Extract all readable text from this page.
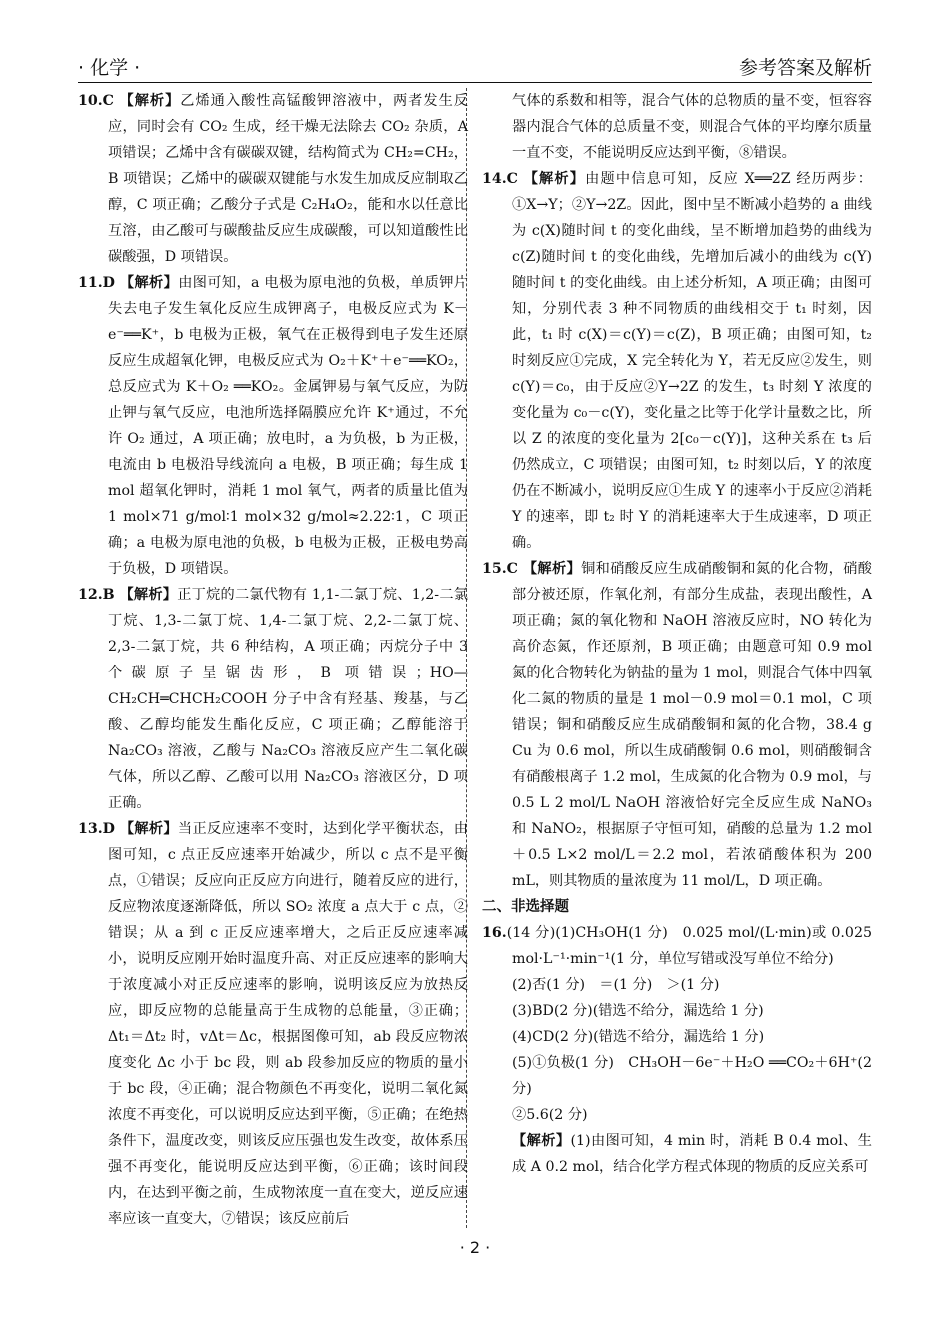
· 化学 ·	参考答案及解析

10.C 【解析】乙烯通入酸性高锰酸钾溶液中，两者发生反应，同时会有 CO₂ 生成，经干燥无法除去 CO₂ 杂质，A 项错误；乙烯中含有碳碳双键，结构简式为 CH₂=CH₂，B 项错误；乙烯中的碳碳双键能与水发生加成反应制取乙醇，C 项正确；乙酸分子式是 C₂H₄O₂，能和水以任意比互溶，由乙酸可与碳酸盐反应生成碳酸，可以知道酸性比碳酸强，D 项错误。

11.D 【解析】由图可知，a 电极为原电池的负极，单质钾片失去电子发生氧化反应生成钾离子，电极反应式为 K－e⁻══K⁺，b 电极为正极，氧气在正极得到电子发生还原反应生成超氧化钾，电极反应式为 O₂＋K⁺＋e⁻══KO₂，总反应式为 K＋O₂ ══KO₂。金属钾易与氧气反应，为防止钾与氧气反应，电池所选择隔膜应允许 K⁺通过，不允许 O₂ 通过，A 项正确；放电时，a 为负极，b 为正极，电流由 b 电极沿导线流向 a 电极，B 项正确；每生成 1 mol 超氧化钾时，消耗 1 mol 氧气，两者的质量比值为 1 mol×71 g/mol∶1 mol×32 g/mol≈2.22∶1，C 项正确；a 电极为原电池的负极，b 电极为正极，正极电势高于负极，D 项错误。

12.B 【解析】正丁烷的二氯代物有 1,1-二氯丁烷、1,2-二氯丁烷、1,3-二氯丁烷、1,4-二氯丁烷、2,2-二氯丁烷、2,3-二氯丁烷，共 6 种结构，A 项正确；丙烷分子中 3 个碳原子呈锯齿形，B 项错误；HO—CH₂CH═CHCH₂COOH 分子中含有羟基、羧基，与乙酸、乙醇均能发生酯化反应，C 项正确；乙醇能溶于 Na₂CO₃ 溶液，乙酸与 Na₂CO₃ 溶液反应产生二氧化碳气体，所以乙醇、乙酸可以用 Na₂CO₃ 溶液区分，D 项正确。

13.D 【解析】当正反应速率不变时，达到化学平衡状态，由图可知，c 点正反应速率开始减少，所以 c 点不是平衡点，①错误；反应向正反应方向进行，随着反应的进行，反应物浓度逐渐降低，所以 SO₂ 浓度 a 点大于 c 点，②错误；从 a 到 c 正反应速率增大，之后正反应速率减小，说明反应刚开始时温度升高、对正反应速率的影响大于浓度减小对正反应速率的影响，说明该反应为放热反应，即反应物的总能量高于生成物的总能量，③正确；Δt₁＝Δt₂ 时，vΔt＝Δc，根据图像可知，ab 段反应物浓度变化 Δc 小于 bc 段，则 ab 段参加反应的物质的量小于 bc 段，④正确；混合物颜色不再变化，说明二氧化氮浓度不再变化，可以说明反应达到平衡，⑤正确；在绝热条件下，温度改变，则该反应压强也发生改变，故体系压强不再变化，能说明反应达到平衡，⑥正确；该时间段内，在达到平衡之前，生成物浓度一直在变大，逆反应速率应该一直变大，⑦错误；该反应前后

气体的系数和相等，混合气体的总物质的量不变，恒容容器内混合气体的总质量不变，则混合气体的平均摩尔质量一直不变，不能说明反应达到平衡，⑧错误。

14.C 【解析】由题中信息可知，反应 X══2Z 经历两步：①X→Y；②Y→2Z。因此，图中呈不断减小趋势的 a 曲线为 c(X)随时间 t 的变化曲线，呈不断增加趋势的曲线为 c(Z)随时间 t 的变化曲线，先增加后减小的曲线为 c(Y)随时间 t 的变化曲线。由上述分析知，A 项正确；由图可知，分别代表 3 种不同物质的曲线相交于 t₁ 时刻，因此，t₁ 时 c(X)＝c(Y)＝c(Z)，B 项正确；由图可知，t₂ 时刻反应①完成，X 完全转化为 Y，若无反应②发生，则 c(Y)＝c₀，由于反应②Y→2Z 的发生，t₃ 时刻 Y 浓度的变化量为 c₀－c(Y)，变化量之比等于化学计量数之比，所以 Z 的浓度的变化量为 2[c₀－c(Y)]，这种关系在 t₃ 后仍然成立，C 项错误；由图可知，t₂ 时刻以后，Y 的浓度仍在不断减小，说明反应①生成 Y 的速率小于反应②消耗 Y 的速率，即 t₂ 时 Y 的消耗速率大于生成速率，D 项正确。

15.C 【解析】铜和硝酸反应生成硝酸铜和氮的化合物，硝酸部分被还原，作氧化剂，有部分生成盐，表现出酸性，A 项正确；氮的氧化物和 NaOH 溶液反应时，NO 转化为高价态氮，作还原剂，B 项正确；由题意可知 0.9 mol 氮的化合物转化为钠盐的量为 1 mol，则混合气体中四氧化二氮的物质的量是 1 mol－0.9 mol＝0.1 mol，C 项错误；铜和硝酸反应生成硝酸铜和氮的化合物，38.4 g Cu 为 0.6 mol，所以生成硝酸铜 0.6 mol，则硝酸铜含有硝酸根离子 1.2 mol，生成氮的化合物为 0.9 mol，与 0.5 L 2 mol/L NaOH 溶液恰好完全反应生成 NaNO₃ 和 NaNO₂，根据原子守恒可知，硝酸的总量为 1.2 mol＋0.5 L×2 mol/L＝2.2 mol，若浓硝酸体积为 200 mL，则其物质的量浓度为 11 mol/L，D 项正确。

二、非选择题

16.(14 分)(1)CH₃OH(1 分)　0.025 mol/(L·min)或 0.025 mol·L⁻¹·min⁻¹(1 分，单位写错或没写单位不给分)

(2)否(1 分)　＝(1 分)　＞(1 分)

(3)BD(2 分)(错选不给分，漏选给 1 分)

(4)CD(2 分)(错选不给分，漏选给 1 分)

(5)①负极(1 分)　CH₃OH－6e⁻＋H₂O ══CO₂＋6H⁺(2 分)

②5.6(2 分)

【解析】(1)由图可知，4 min 时，消耗 B 0.4 mol、生成 A 0.2 mol，结合化学方程式体现的物质的反应关系可

· 2 ·
